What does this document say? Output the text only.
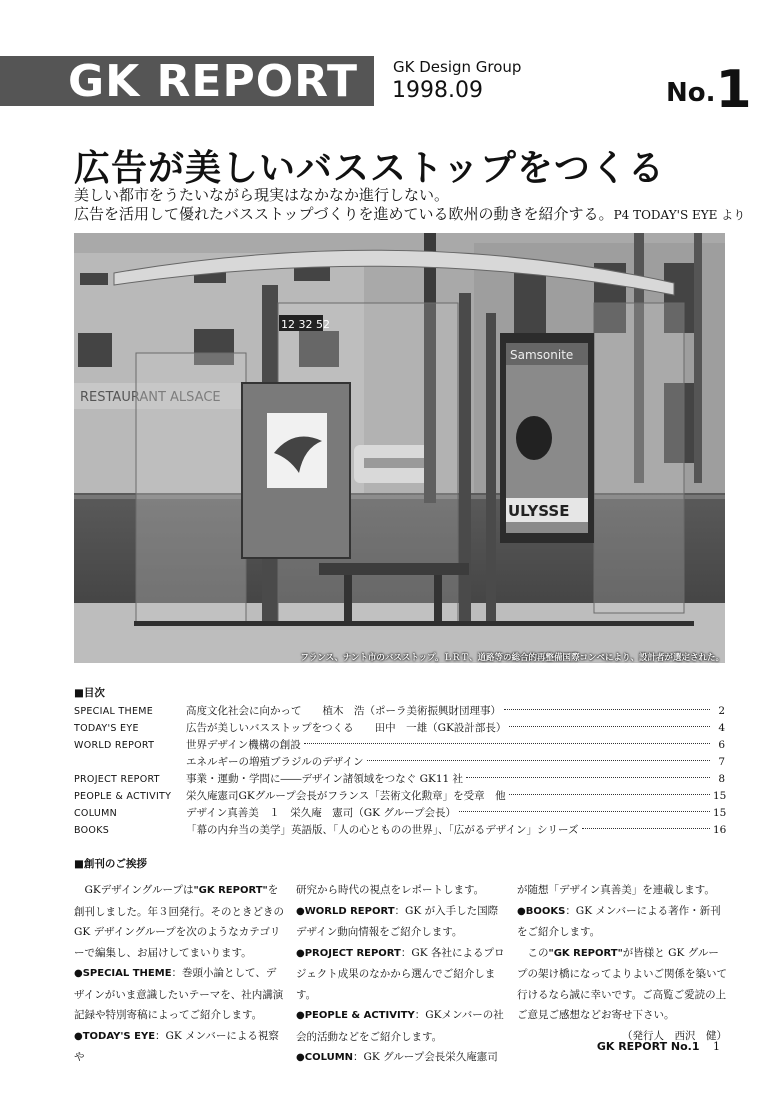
GK REPORT GK Design Group
1998.09	No.1
広告が美しいバスストップをつくる
美しい都市をうたいながら現実はなかなか進行しない。
広告を活用して優れたバスストップづくりを進めている欧州の動きを紹介する。P4 TODAY'S EYE より
RESTAURANT ALSACE
Samsonite
ULYSSE
12 32 52
フランス、ナント市のバスストップ。ＬＲＴ、道路等の総合的再整備国際コンペにより、設計者が選定された。
■目次
SPECIAL THEME	高度文化社会に向かって　　植木　浩（ポーラ美術振興財団理事）	2
TODAY'S EYE	広告が美しいバスストップをつくる　　田中　一雄（GK設計部長）	4
WORLD REPORT	世界デザイン機構の創設	6
エネルギーの増殖ブラジルのデザイン	7
PROJECT REPORT	事業・運動・学問に――デザイン諸領域をつなぐ GK11 社	8
PEOPLE & ACTIVITY	栄久庵憲司GKグループ会長がフランス「芸術文化勲章」を受章　他	15
COLUMN	デザイン真善美　１　栄久庵　憲司（GK グループ会長）	15
BOOKS	「幕の内弁当の美学」英語版、「人の心とものの世界」、「広がるデザイン」シリーズ	16
■創刊のご挨拶

GKデザイングループは"GK REPORT"を創刊しました。年３回発行。そのときどきの GK デザイングループを次のようなカテゴリーで編集し、お届けしてまいります。

●SPECIAL THEME：巻頭小論として、デザインがいま意識したいテーマを、社内講演記録や特別寄稿によってご紹介します。

●TODAY'S EYE：GK メンバーによる視察や

研究から時代の視点をレポートします。

●WORLD REPORT：GK が入手した国際デザイン動向情報をご紹介します。

●PROJECT REPORT：GK 各社によるプロジェクト成果のなかから選んでご紹介します。

●PEOPLE & ACTIVITY：GKメンバーの社会的活動などをご紹介します。

●COLUMN：GK グループ会長栄久庵憲司

が随想「デザイン真善美」を連載します。

●BOOKS：GK メンバーによる著作・新刊をご紹介します。

この"GK REPORT"が皆様と GK グループの架け橋になってよりよいご関係を築いて行けるなら誠に幸いです。ご高覧ご愛読の上ご意見ご感想などお寄せ下さい。

（発行人　西沢　健）

GK REPORT No.1 1
